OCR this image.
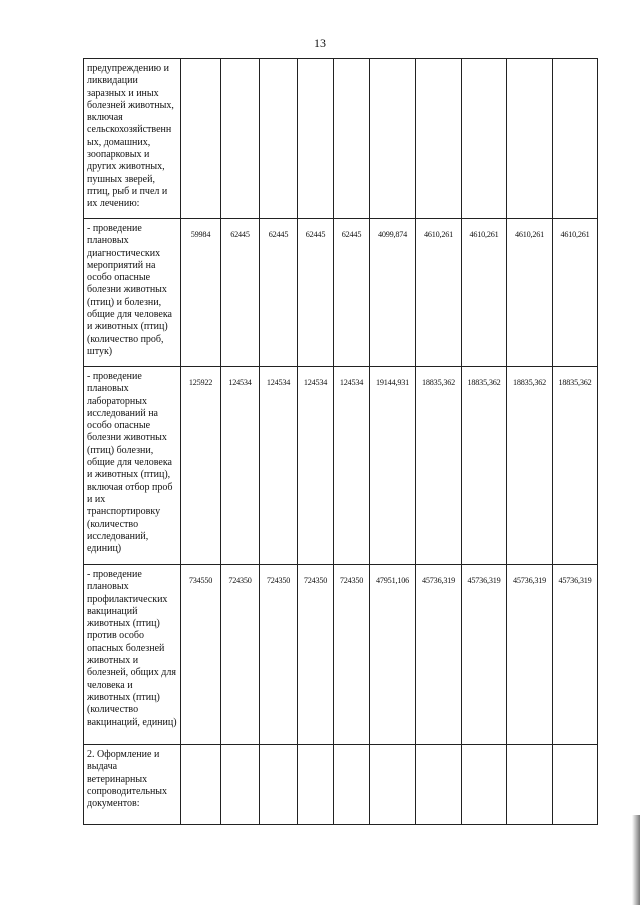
13
предупреждению и ликвидации заразных и иных болезней животных, включая сельскохозяйственн ых, домашних, зоопарковых и других животных, пушных зверей, птиц, рыб и пчел и их лечению:										
- проведение плановых диагностических мероприятий на особо опасные болезни животных (птиц) и болезни, общие для человека и животных (птиц) (количество проб, штук)	59984	62445	62445	62445	62445	4099,874	4610,261	4610,261	4610,261	4610,261
- проведение плановых лабораторных исследований на особо опасные болезни животных (птиц) болезни, общие для человека и животных (птиц), включая отбор проб и их транспортировку (количество исследований, единиц)	125922	124534	124534	124534	124534	19144,931	18835,362	18835,362	18835,362	18835,362
- проведение плановых профилактических вакцинаций животных (птиц) против особо опасных болезней животных и болезней, общих для человека и животных (птиц) (количество вакцинаций, единиц)	734550	724350	724350	724350	724350	47951,106	45736,319	45736,319	45736,319	45736,319
2. Оформление и выдача ветеринарных сопроводительных документов:										
